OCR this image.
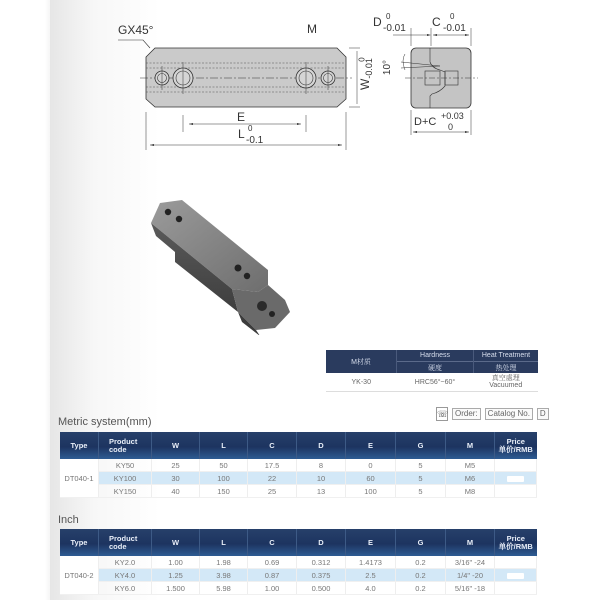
GX45°	M
E
L 0
-0.1
$W_{-0.01}$
0
D 0
-0.01 C 0
-0.01
10°
D+C +0.03
0
M材质	Hardness	Heat Treatment
	硬度	热处理
YK-30	HRC56°~60°	真空處理
Vacuumed
☏ Order:	Catalog No.	D
Metric system(mm)
Type	Product
code	W	L	C	D	E	G	M	Price
单价/RMB

DT040-1	KY50	25	50	17.5	8	0	5	M5	
	KY100	30	100	22	10	60	5	M6	
	KY150	40	150	25	13	100	5	M8	
Inch
Type	Product
code	W	L	C	D	E	G	M	Price
单价/RMB

DT040-2	KY2.0	1.00	1.98	0.69	0.312	1.4173	0.2	3/16" -24	
	KY4.0	1.25	3.98	0.87	0.375	2.5	0.2	1/4" -20	
	KY6.0	1.500	5.98	1.00	0.500	4.0	0.2	5/16" -18	
